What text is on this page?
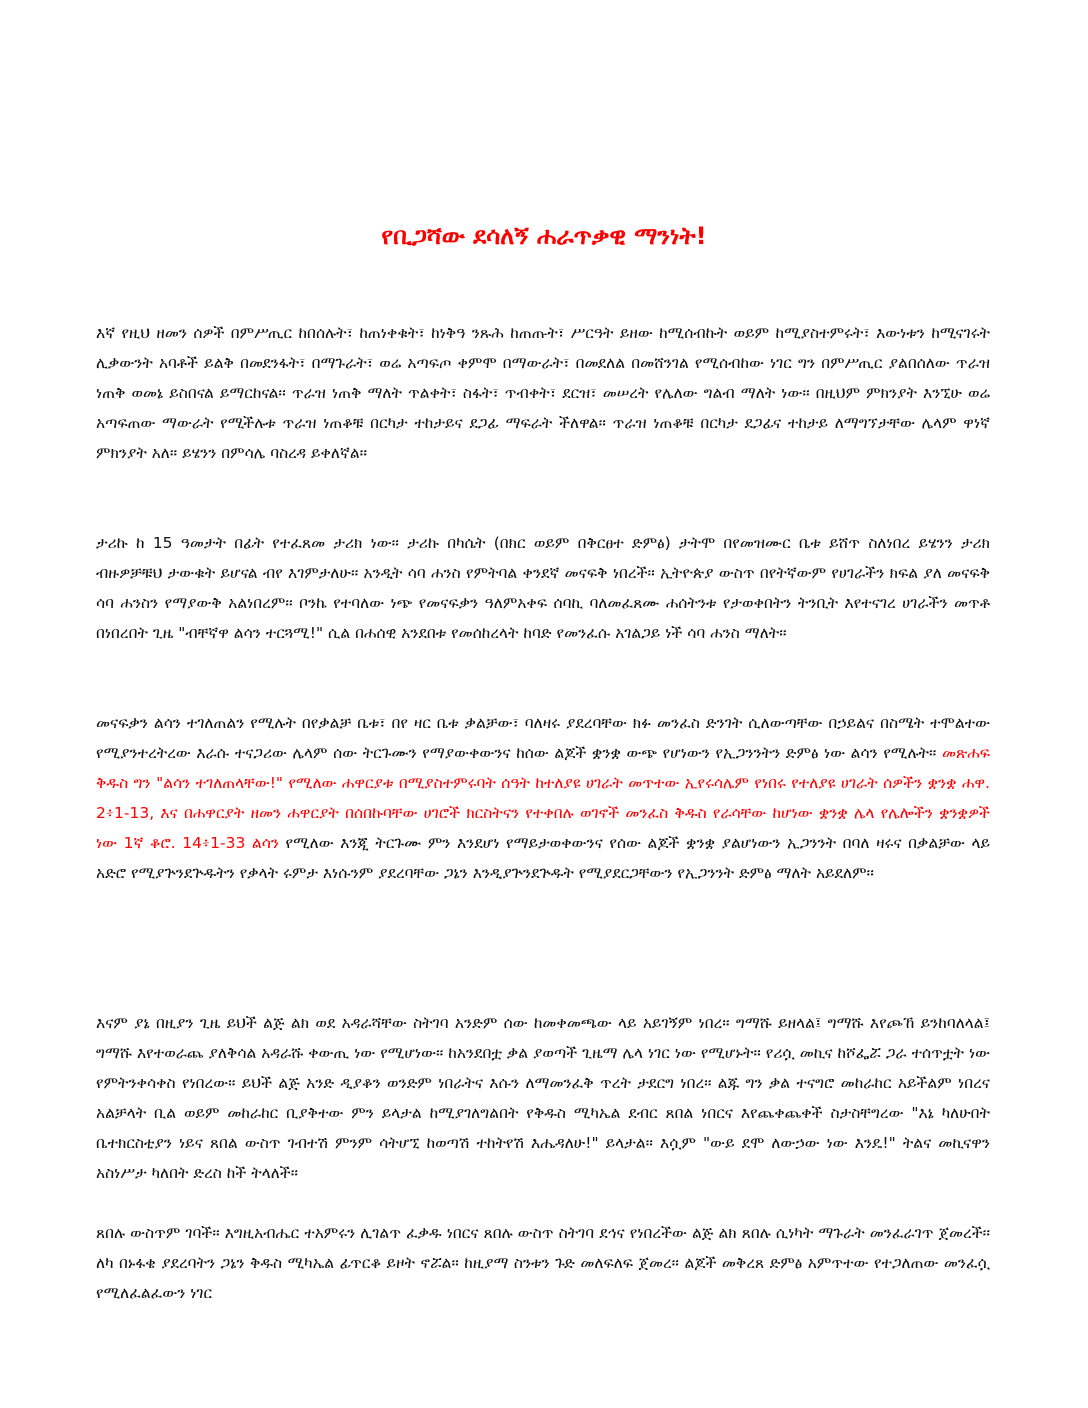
የቢጋሻው ደሳለኝ ሐራጥቃዊ ማንነት!

እኛ የዚህ ዘመን ሰዎች በምሥጢር ከበሰሉት፣ ከጠነቀቁት፣ ከነቅዓ ንጹሕ ከጠጡት፣ ሥርዓት ይዘው ከሚሰብኩት ወይም ከሚያስተምሩት፣ እውነቱን ከሚናገሩት ሊቃውንት አባቶች ይልቅ በመደንፋት፣ በማጉራት፣ ወሬ አጣፍጦ ቀምሞ በማውራት፣ በመደለል በመሸንገል የሚሰብከው ነገር ግን በምሥጢር ያልበሰለው ጥራዝ ነጠቅ ወመኔ ይስበናል ይማርከናል፡፡ ጥራዝ ነጠቅ ማለት ጥልቀት፣ ስፋት፣ ጥብቀት፣ ደርዝ፣ መሠረት የሌለው ግልብ ማለት ነው፡፡ በዚህም ምክንያት እንኚሁ ወሬ አጣፍጠው ማውራት የሚችሉቱ ጥራዝ ነጠቆቹ በርካታ ተከታይና ደጋፊ ማፍራት ችለዋል፡፡ ጥራዝ ነጠቆቹ በርካታ ደጋፊና ተከታይ ለማግኘታቸው ሌላም ዋነኛ ምክንያት አለ፡፡ ይሄንን በምሳሌ ባስረዳ ይቀለኛል፡፡

ታሪኩ ከ 15 ዓመታት በፊት የተፈጸመ ታሪክ ነው፡፡ ታሪኩ በካሴት (በክር ወይም በቅርፀተ ድምፅ) ታትሞ በየመዝሙር ቤቱ ይሸጥ ስለነበረ ይሄንን ታሪክ ብዙዎቻቹህ ታውቁት ይሆናል ብየ እገምታለሁ፡፡ አንዲት ሳባ ሐንስ የምትባል ቀንደኛ መናፍቅ ነበረች፡፡ ኢትዮጵያ ውስጥ በየትኛውም የሀገራችን ክፍል ያለ መናፍቅ ሳባ ሐንስን የማያውቅ አልነበረም፡፡ ቦንኬ የተባለው ነጭ የመናፍቃን ዓለምአቀፍ ሰባኪ ባለመፈጸሙ ሐሰትንቱ የታወቀበትን ትንቢት እየተናገረ ሀገራችን መጥቶ በነበረበት ጊዜ "ብቸኛዋ ልሳን ተርጓሚ!" ሲል በሐሰዊ አንደበቱ የመሰከረላት ከባድ የመንፈሱ አገልጋይ ነች ሳባ ሐንስ ማለት፡፡

መናፍቃን ልሳን ተገለጠልን የሚሉት በየቃልቻ ቤቱ፣ በየ ዛር ቤቱ ቃልቻው፣ ባለዛሩ ያደረባቸው ክፉ መንፈስ ድንገት ሲለውጣቸው በኃይልና በስሜት ተሞልተው የሚያንተረትረው እራሱ ተናጋሪው ሌላም ሰው ትርጉሙን የማያውቀውንና ከሰው ልጆች ቋንቋ ውጭ የሆነውን የኢጋንንትን ድምፅ ነው ልሳን የሚሉት፡፡ መጽሐፍ ቅዱስ ግን "ልሳን ተገለጠላቸው!" የሚለው ሐዋርያቱ በሚያስተምሩባት ሰዓት ከተለያዩ ሀገራት መጥተው ኢየሩሳሌም የነበሩ የተለያዩ ሀገራት ሰዎችን ቋንቋ ሐዋ. 2፥1-13, እና በሐዋርያት ዘመን ሐዋርያት በሰበኩባቸው ሀገሮች ክርስትናን የተቀበሉ ወገኖች መንፈስ ቅዱስ የራሳቸው ከሆነው ቋንቋ ሌላ የሌሎችን ቋንቋዎች ነው 1ኛ ቆሮ. 14፥1-33 ልሳን የሚለው እንጂ ትርጉሙ ምን እንደሆነ የማይታወቀውንና የሰው ልጆች ቋንቋ ያልሆነውን ኢጋንንት በባለ ዛሩና በቃልቻው ላይ አድሮ የሚያጕንደጕዱትን የቃላት ሩምታ እነሱንም ያደረባቸው ጋኔን እንዲያጕንደጕዱት የሚያደርጋቸውን የኢጋንንት ድምፅ ማለት አይደለም፡፡

እናም ያኔ በዚያን ጊዜ ይህች ልጅ ልክ ወደ አዳራሻቸው ስትገባ አንድም ሰው ከመቀመጫው ላይ አይገኝም ነበረ፡፡ ግማሹ ይዘላል፤ ግማሹ እየጮኸ ይንከባለላል፤ ግማሹ እየተወራጨ ያለቅሳል አዳራሹ ቀውጢ ነው የሚሆነው፡፡ ከአንደበቷ ቃል ያወጣች ጊዜማ ሌላ ነገር ነው የሚሆኑት፡፡ የሪሷ መኪና ከሾፌሯ ጋራ ተሰጥቷት ነው የምትንቀሳቀስ የነበረው፡፡ ይህች ልጅ አንድ ዲያቆን ወንድም ነበራትና እሱን ለማመንፈቅ ጥረት ታደርግ ነበረ፡፡ ልጁ ግን ቃል ተናግሮ መከራከር አይችልም ነበረና አልቻላት ቢል ወይም መከራከር ቢያቅተው ምን ይላታል ከሚያገለግልበት የቅዱስ ሚካኤል ደብር ጸበል ነበርና እየጨቀጨቀች ስታስቸግረው "እኔ ካለሁበት ቤተክርስቲያን ነይና ጸበል ውስጥ ገብተሽ ምንም ሳትሆኚ ከወጣሽ ተከትየሽ እሔዳለሁ!" ይላታል፡፡ እሷም "ውይ ደሞ ለውኃው ነው እንዴ!" ትልና መኪናዋን አስነሥታ ካለበት ድረስ ከች ትላለች፡፡

ጸበሉ ውስጥም ገባች፡፡ እግዚአብሔር ተአምሩን ሊገልጥ ፈቃዱ ነበርና ጸበሉ ውስጥ ስትገባ ደኅና የነበረችው ልጅ ልክ ጸበሉ ሲነካት ማጉራት መንፈራገጥ ጀመረች፡፡ ለካ በኑፋቄ ያደረባትን ጋኔን ቅዱስ ሚካኤል ፊጥርቆ ይዞት ኖሯል፡፡ ከዚያማ ስንቱን ጉድ መለፍለፍ ጀመረ፡፡ ልጆች መቅረጸ ድምፅ አምጥተው የተጋለጠው መንፈሷ የሚለፈልፈውን ነገር
